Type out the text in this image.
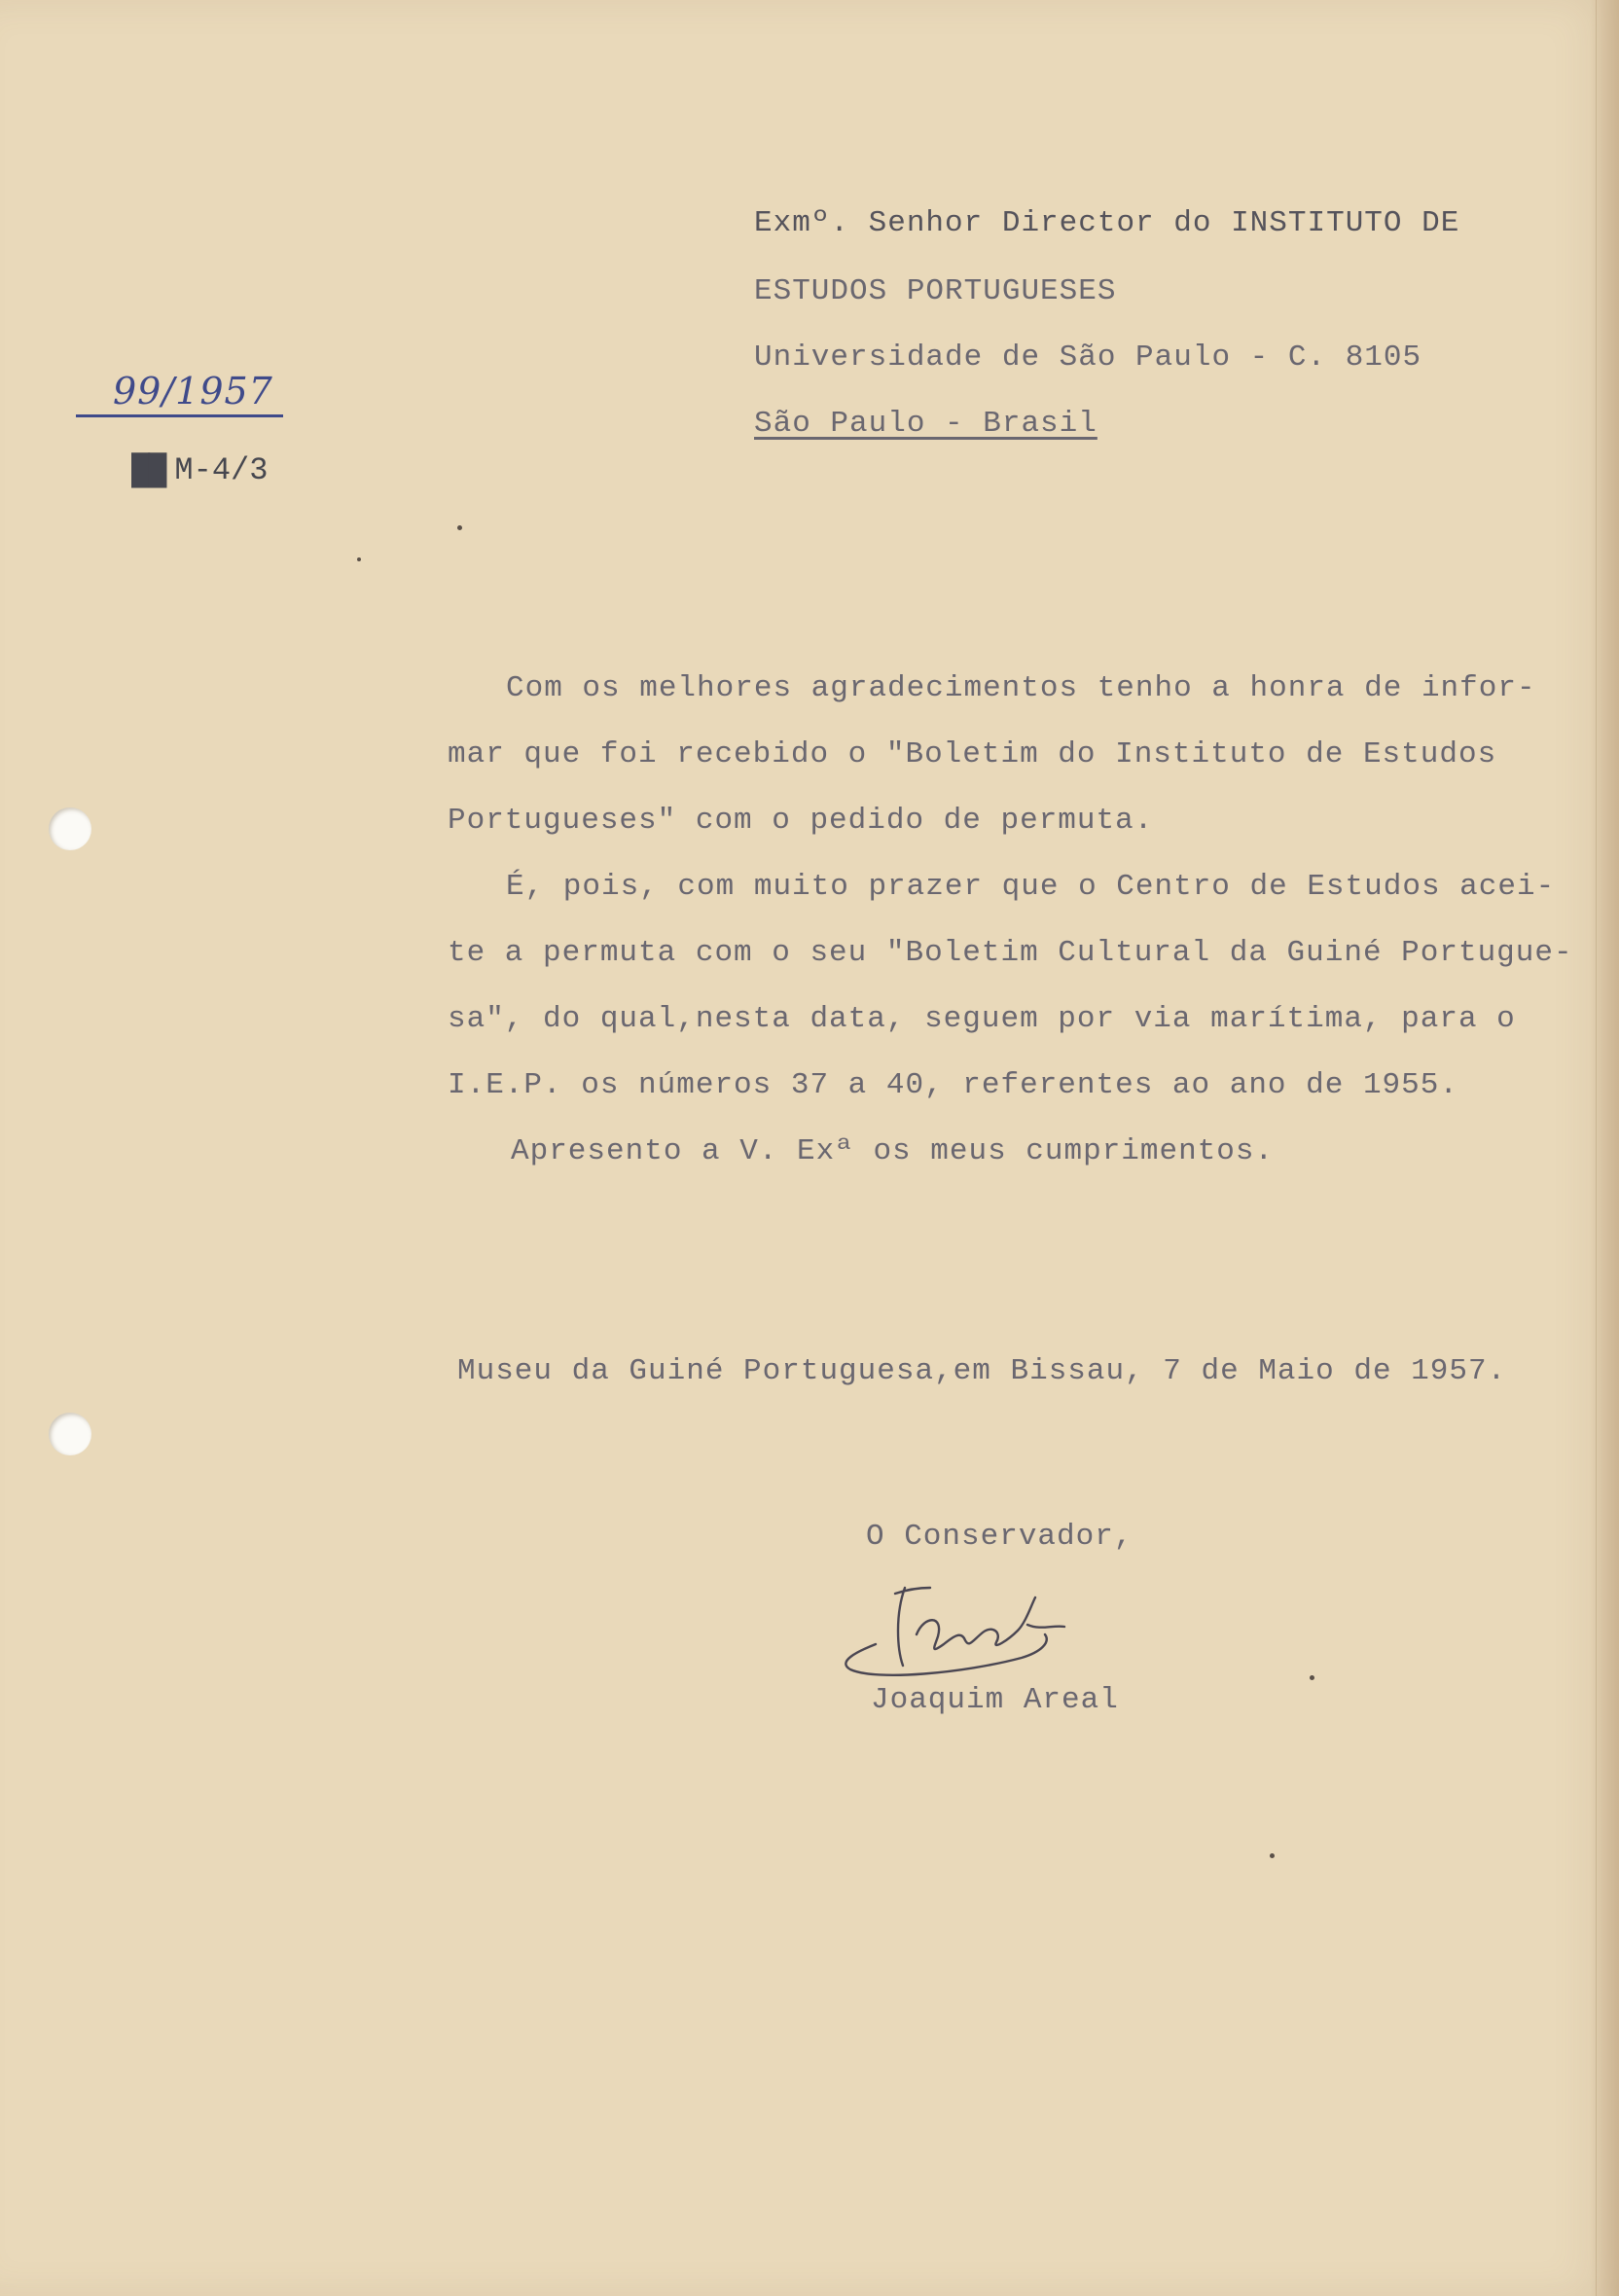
Exmº. Senhor Director do INSTITUTO DE
ESTUDOS PORTUGUESES
Universidade de São Paulo - C. 8105
São Paulo - Brasil
99/1957
██ M-4/3
Com os melhores agradecimentos tenho a honra de infor-
mar que foi recebido o "Boletim do Instituto de Estudos
Portugueses" com o pedido de permuta.
É, pois, com muito prazer que o Centro de Estudos acei-
te a permuta com o seu "Boletim Cultural da Guiné Portugue-
sa", do qual,nesta data, seguem por via marítima, para o
I.E.P. os números 37 a 40, referentes ao ano de 1955.
Apresento a V. Exª os meus cumprimentos.
Museu da Guiné Portuguesa,em Bissau, 7 de Maio de 1957.
O Conservador,
Joaquim Areal
